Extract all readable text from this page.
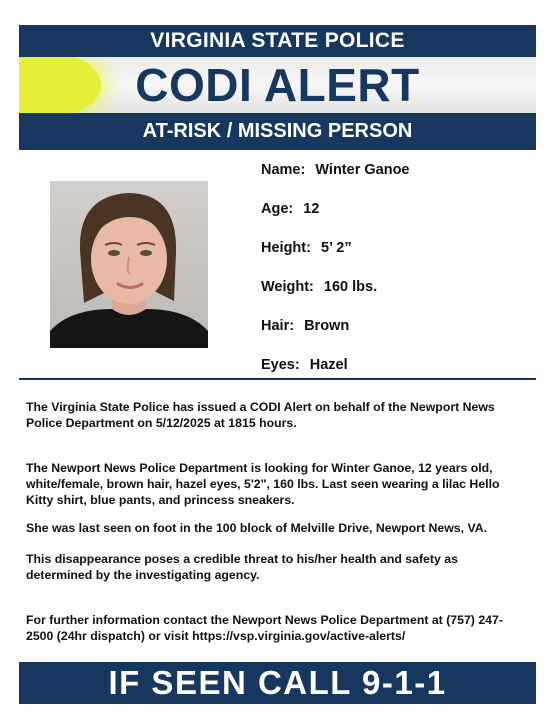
VIRGINIA STATE POLICE
CODI ALERT
AT-RISK / MISSING PERSON
Name: Winter Ganoe
Age: 12
Height: 5’ 2”
Weight: 160 lbs.
Hair: Brown
Eyes: Hazel

The Virginia State Police has issued a CODI Alert on behalf of the Newport News Police Department on 5/12/2025 at 1815 hours.

The Newport News Police Department is looking for Winter Ganoe, 12 years old, white/female, brown hair, hazel eyes, 5'2", 160 lbs. Last seen wearing a lilac Hello Kitty shirt, blue pants, and princess sneakers.

She was last seen on foot in the 100 block of Melville Drive, Newport News, VA.

This disappearance poses a credible threat to his/her health and safety as determined by the investigating agency.

For further information contact the Newport News Police Department at (757) 247-2500 (24hr dispatch) or visit https://vsp.virginia.gov/active-alerts/

IF SEEN CALL 9-1-1
